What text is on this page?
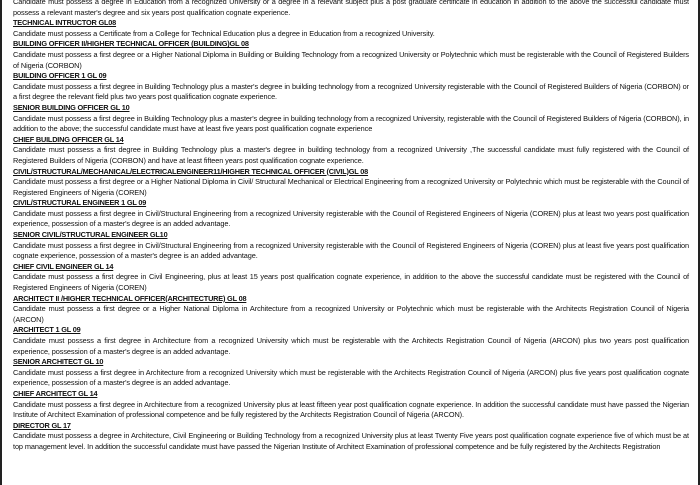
Candidate must possess a degree in Education from a recognized University or a degree in a relevant subject plus a post graduate certificate in education in addition to the above the successful candidate must possess a relevant master's degree and six years post qualification cognate experience.
TECHNICAL INTRUCTOR GL08
Candidate must possess a Certificate from a College for Technical Education plus a degree in Education from a recognized University.
BUILDING OFFICER II/HIGHER TECHNICAL OFFICER (BUILDING)GL 08
Candidate must possess a first degree or a Higher National Diploma in Building or Building Technology from a recognized University or Polytechnic which must be registerable with the Council of Registered Builders of Nigeria (CORBON)
BUILDING OFFICER 1 GL 09
Candidate must possess a first degree in Building Technology plus a master's degree in building technology from a recognized University registerable with the Council of Registered Builders of Nigeria (CORBON) or a first degree the relevant field plus two years post qualification cognate experience.
SENIOR BUILDING OFFICER GL 10
Candidate must possess a first degree in Building Technology plus a master's degree in building technology from a recognized University, registerable with the Council of Registered Builders of Nigeria (CORBON), in addition to the above; the successful candidate must have at least five years post qualification cognate experience
CHIEF BUILDING OFFICER GL 14
Candidate must possess a first degree in Building Technology plus a master's degree in building technology from a recognized University ,The successful candidate must fully registered with the Council of Registered Builders of Nigeria (CORBON) and have at least fifteen years post qualification cognate experience.
CIVIL/STRUCTURAL/MECHANICAL/ELECTRICALENGINEER11/HIGHER TECHNICAL OFFICER (CIVIL)GL 08
Candidate must possess a first degree or a Higher National Diploma in Civil/ Structural Mechanical or Electrical Engineering from a recognized University or Polytechnic which must be registerable with the Council of Registered Engineers of Nigeria (COREN)
CIVIL/STRUCTURAL ENGINEER 1 GL 09
Candidate must possess a first degree in Civil/Structural Engineering from a recognized University registerable with the Council of Registered Engineers of Nigeria (COREN) plus at least two years post qualification experience, possession of a master's degree is an added advantage.
SENIOR CIVIL/STRUCTURAL ENGINEER GL10
Candidate must possess a first degree in Civil/Structural Engineering from a recognized University registerable with the Council of Registered Engineers of Nigeria (COREN) plus at least five years post qualification cognate experience, possession of a master's degree is an added advantage.
CHIEF CIVIL ENGINEER GL 14
Candidate must possess a first degree in Civil Engineering, plus at least 15 years post qualification cognate experience, in addition to the above the successful candidate must be registered with the Council of Registered Engineers of Nigeria (COREN)
ARCHITECT II /HIGHER TECHNICAL OFFICER(ARCHITECTURE) GL 08
Candidate must possess a first degree or a Higher National Diploma in Architecture from a recognized University or Polytechnic which must be registerable with the Architects Registration Council of Nigeria (ARCON)
ARCHITECT 1 GL 09
Candidate must possess a first degree in Architecture from a recognized University which must be registerable with the Architects Registration Council of Nigeria (ARCON) plus two years post qualification experience, possession of a master's degree is an added advantage.
SENIOR ARCHITECT GL 10
Candidate must possess a first degree in Architecture from a recognized University which must be registerable with the Architects Registration Council of Nigeria (ARCON) plus five years post qualification cognate experience, possession of a master's degree is an added advantage.
CHIEF ARCHITECT GL 14
Candidate must possess a first degree in Architecture from a recognized University plus at least fifteen year post qualification cognate experience. In addition the successful candidate must have passed the Nigerian Institute of Architect Examination of professional competence and be fully registered by the Architects Registration Council of Nigeria (ARCON).
DIRECTOR GL 17
Candidate must possess a degree in Architecture, Civil Engineering or Building Technology from a recognized University plus at least Twenty Five years post qualification cognate experience five of which must be at top management level. In addition the successful candidate must have passed the Nigerian Institute of Architect Examination of professional competence and be fully registered by the Architects Registration
